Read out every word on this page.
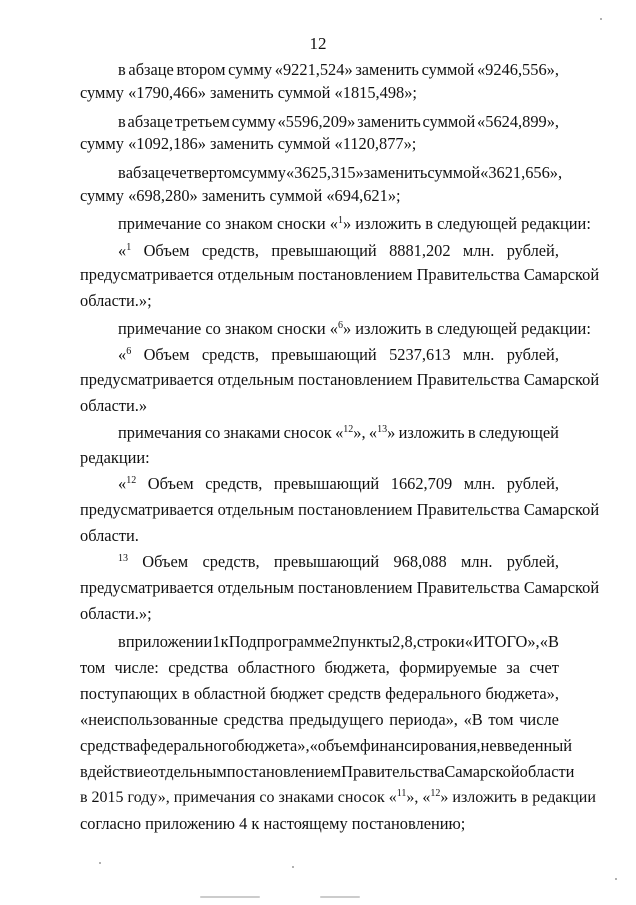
12
в абзаце втором сумму «9221,524» заменить суммой «9246,556»,
сумму «1790,466» заменить суммой «1815,498»;
в абзаце третьем сумму «5596,209» заменить суммой «5624,899»,
сумму «1092,186» заменить суммой «1120,877»;
в абзаце четвертом сумму «3625,315» заменить суммой «3621,656»,
сумму «698,280» заменить суммой «694,621»;
примечание со знаком сноски «$^1$» изложить в следующей редакции:
«$^1$ Объем средств, превышающий 8881,202 млн. рублей,
предусматривается отдельным постановлением Правительства Самарской
области.»;
примечание со знаком сноски «$^6$» изложить в следующей редакции:
«$^6$ Объем средств, превышающий 5237,613 млн. рублей,
предусматривается отдельным постановлением Правительства Самарской
области.»
примечания со знаками сносок «$^{12}$», «$^{13}$» изложить в следующей
редакции:
«$^{12}$ Объем средств, превышающий 1662,709 млн. рублей,
предусматривается отдельным постановлением Правительства Самарской
области.
$^{13}$ Объем средств, превышающий 968,088 млн. рублей,
предусматривается отдельным постановлением Правительства Самарской
области.»;
в приложении 1 к Подпрограмме 2 пункты 2, 8, строки «ИТОГО», «В
том числе: средства областного бюджета, формируемые за счет
поступающих в областной бюджет средств федерального бюджета»,
«неиспользованные средства предыдущего периода», «В том числе
средства федерального бюджета», «объем финансирования, не введенный
в действие отдельным постановлением Правительства Самарской области
в 2015 году», примечания со знаками сносок «$^{11}$», «$^{12}$» изложить в редакции
согласно приложению 4 к настоящему постановлению;
